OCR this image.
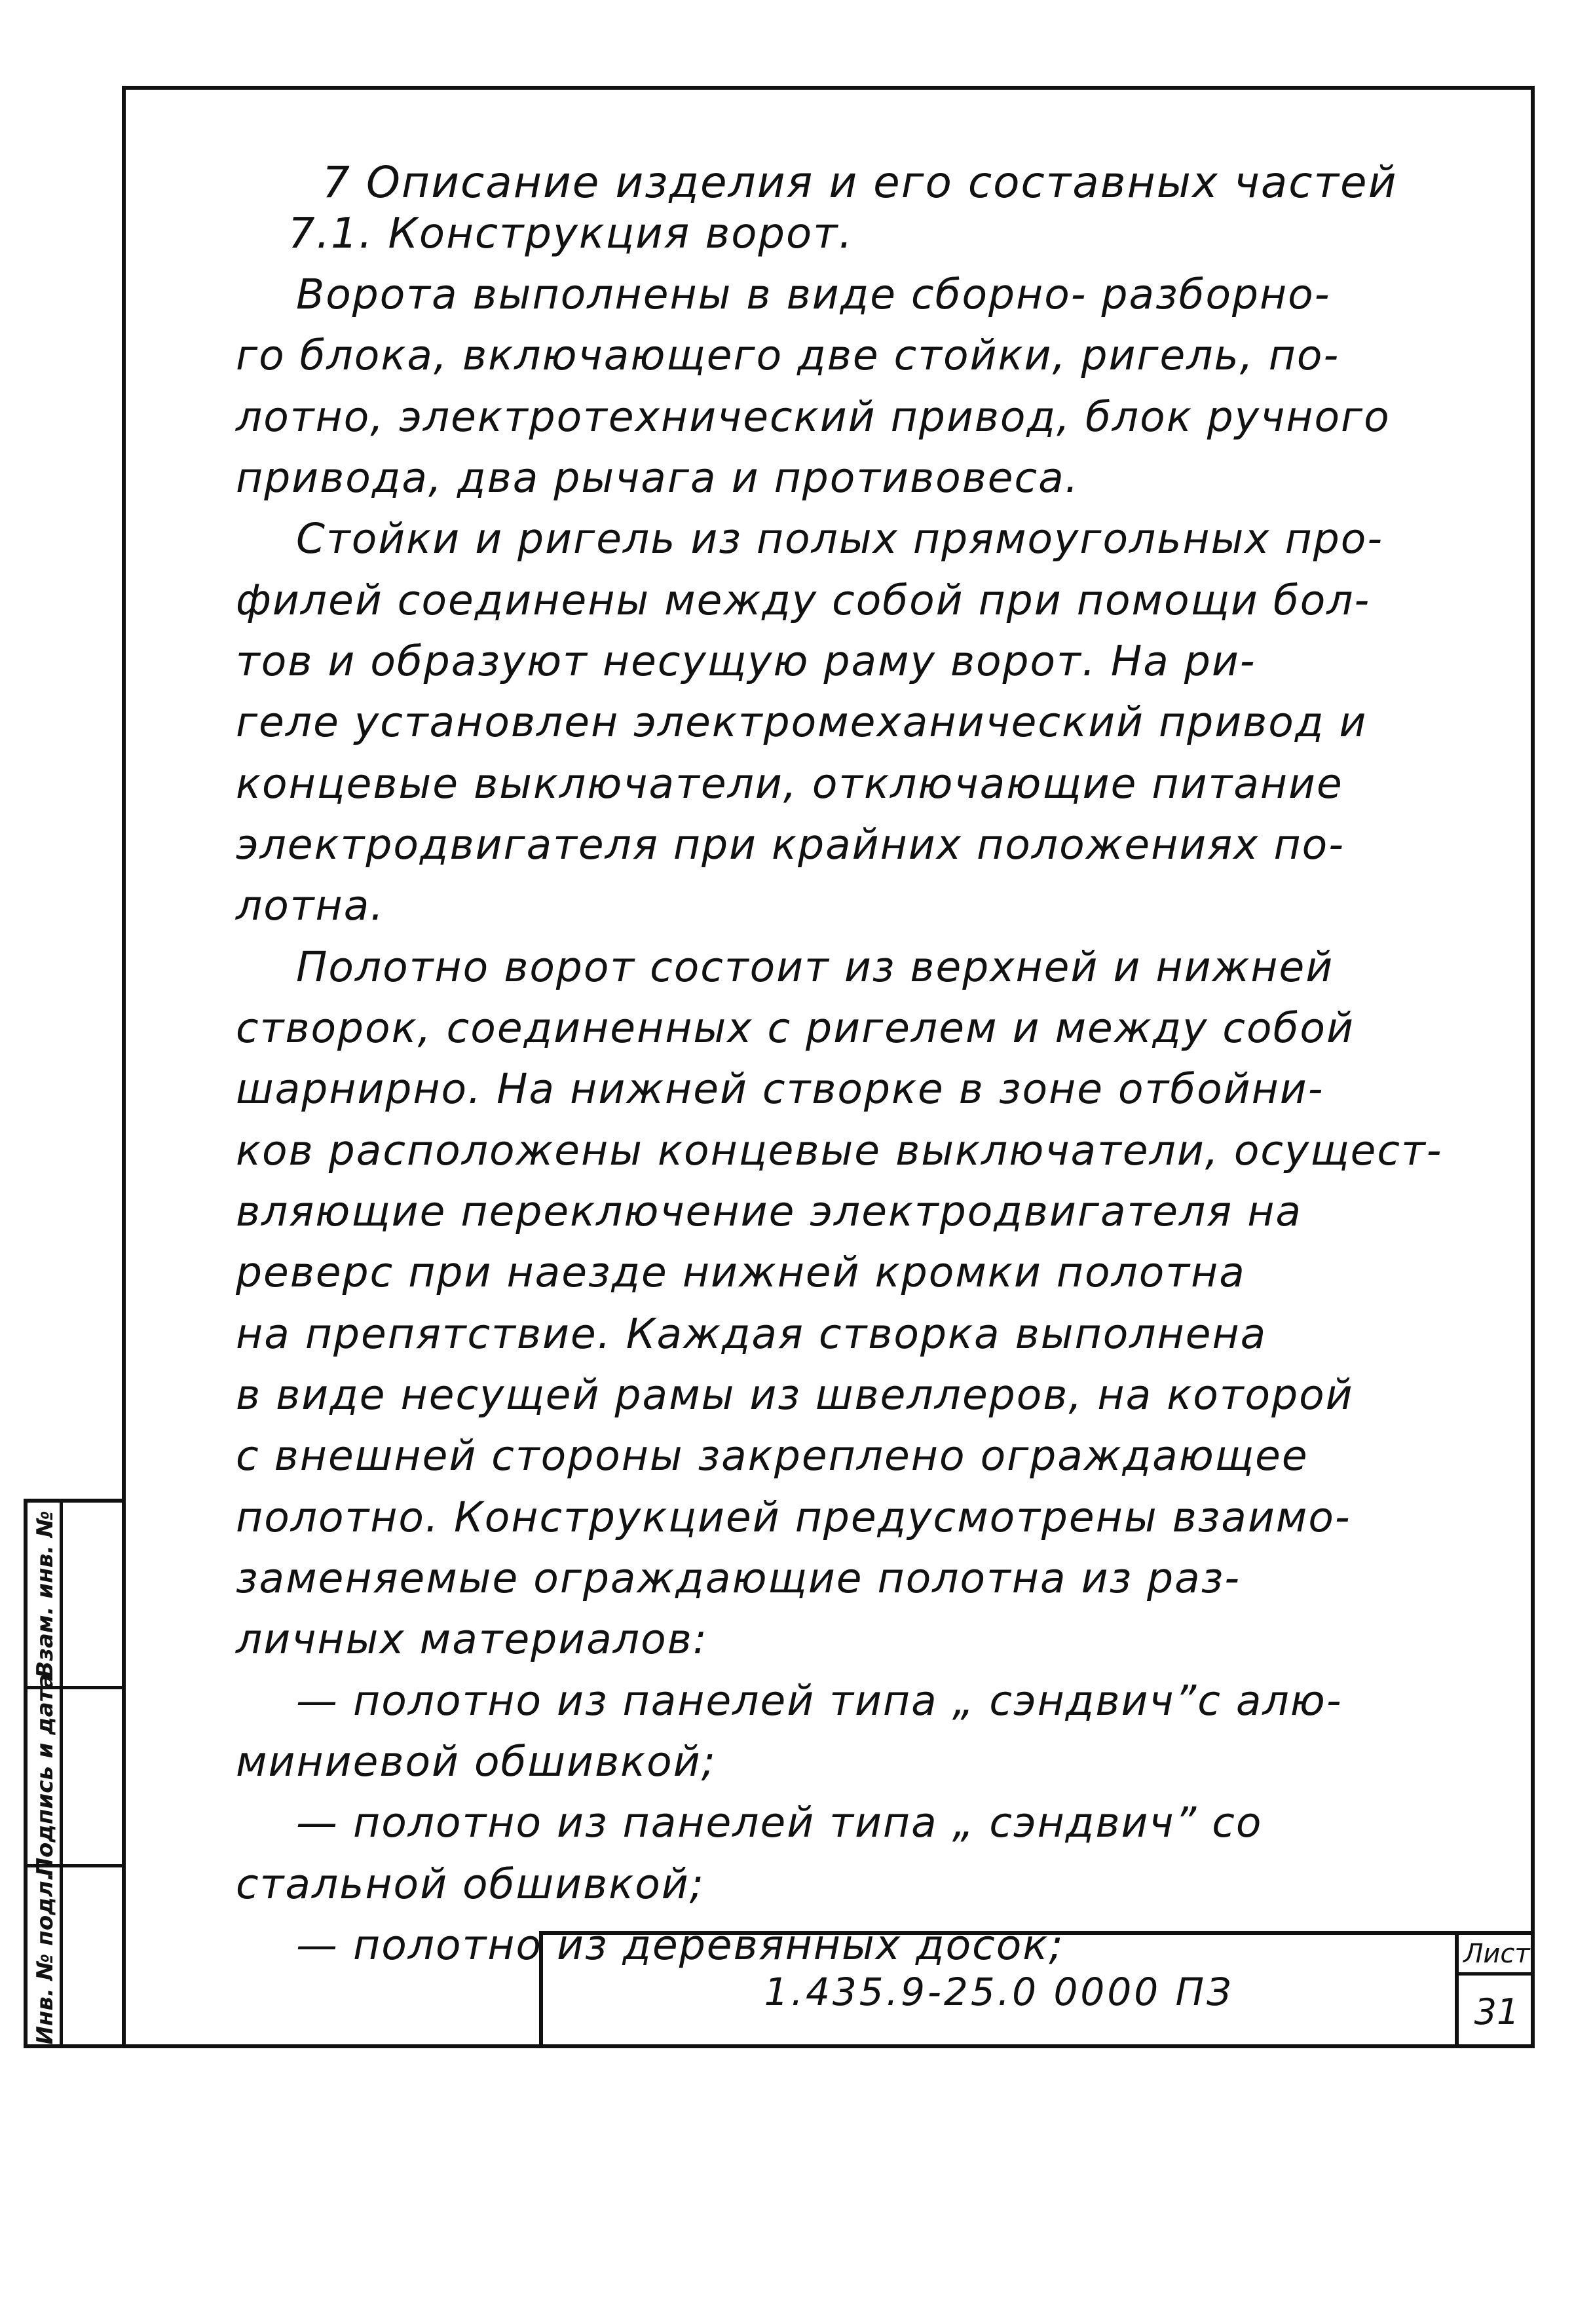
7 Описание изделия и его составных частей
7.1. Конструкция ворот.
Ворота выполнены в виде сборно- разборно-
го блока, включающего две стойки, ригель, по-
лотно, электротехнический привод, блок ручного
привода, два рычага и противовеса.
Стойки и ригель из полых прямоугольных про-
филей соединены между собой при помощи бол-
тов и образуют несущую раму ворот. На ри-
геле установлен электромеханический привод и
концевые выключатели, отключающие питание
электродвигателя при крайних положениях по-
лотна.
Полотно ворот состоит из верхней и нижней
створок, соединенных с ригелем и между собой
шарнирно. На нижней створке в зоне отбойни-
ков расположены концевые выключатели, осущест-
вляющие переключение электродвигателя на
реверс при наезде нижней кромки полотна
на препятствие. Каждая створка выполнена
в виде несущей рамы из швеллеров, на которой
с внешней стороны закреплено ограждающее
полотно. Конструкцией предусмотрены взаимо-
заменяемые ограждающие полотна из раз-
личных материалов:
— полотно из панелей типа „ сэндвич”с алю-
миниевой обшивкой;
— полотно из панелей типа „ сэндвич” со
стальной обшивкой;
— полотно из деревянных досок;
Инв. № подл.
Подпись и дата
Взам. инв. №
1.435.9-25.0 0000 ПЗ
Лист
31
